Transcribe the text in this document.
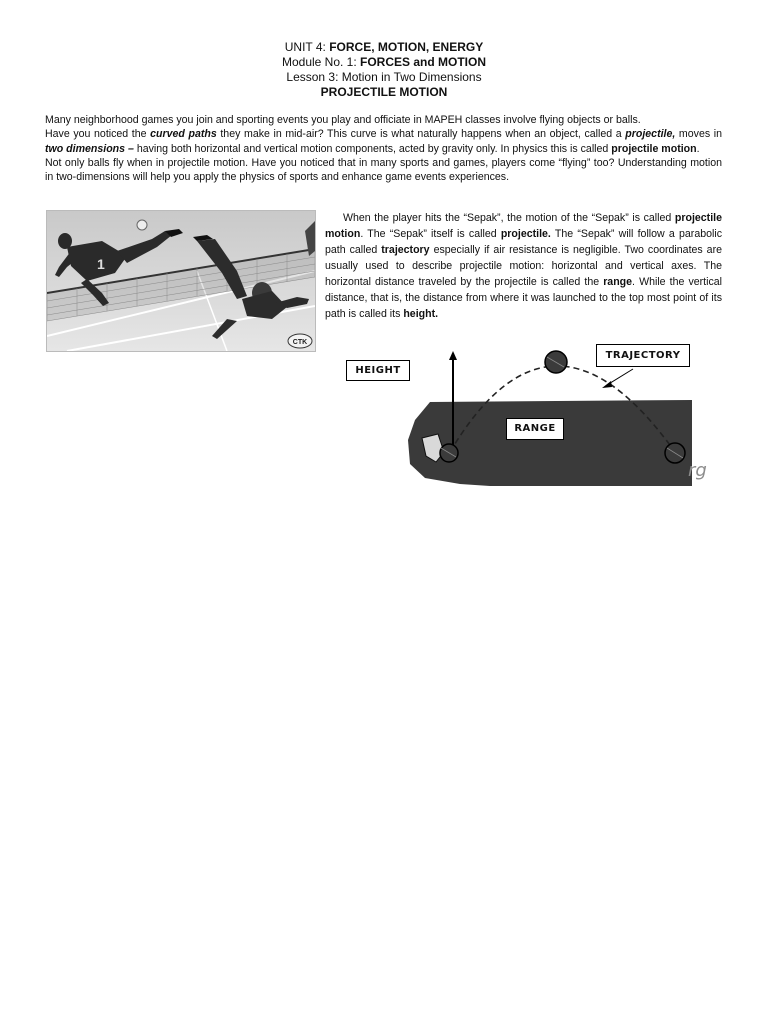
UNIT 4: FORCE, MOTION, ENERGY
Module No. 1: FORCES and MOTION
Lesson 3: Motion in Two Dimensions
PROJECTILE MOTION

Many neighborhood games you join and sporting events you play and officiate in MAPEH classes involve flying objects or balls.

Have you noticed the curved paths they make in mid-air? This curve is what naturally happens when an object, called a projectile, moves in two dimensions – having both horizontal and vertical motion components, acted by gravity only. In physics this is called projectile motion.

Not only balls fly when in projectile motion. Have you noticed that in many sports and games, players come “flying” too? Understanding motion in two-dimensions will help you apply the physics of sports and enhance game events experiences.

1
CTK

When the player hits the “Sepak”, the motion of the “Sepak” is called projectile motion. The “Sepak” itself is called projectile. The “Sepak” will follow a parabolic path called trajectory especially if air resistance is negligible. Two coordinates are usually used to describe projectile motion: horizontal and vertical axes. The horizontal distance traveled by the projectile is called the range. While the vertical distance, that is, the distance from where it was launched to the top most point of its path is called its height.

rg
HEIGHT
TRAJECTORY
RANGE
